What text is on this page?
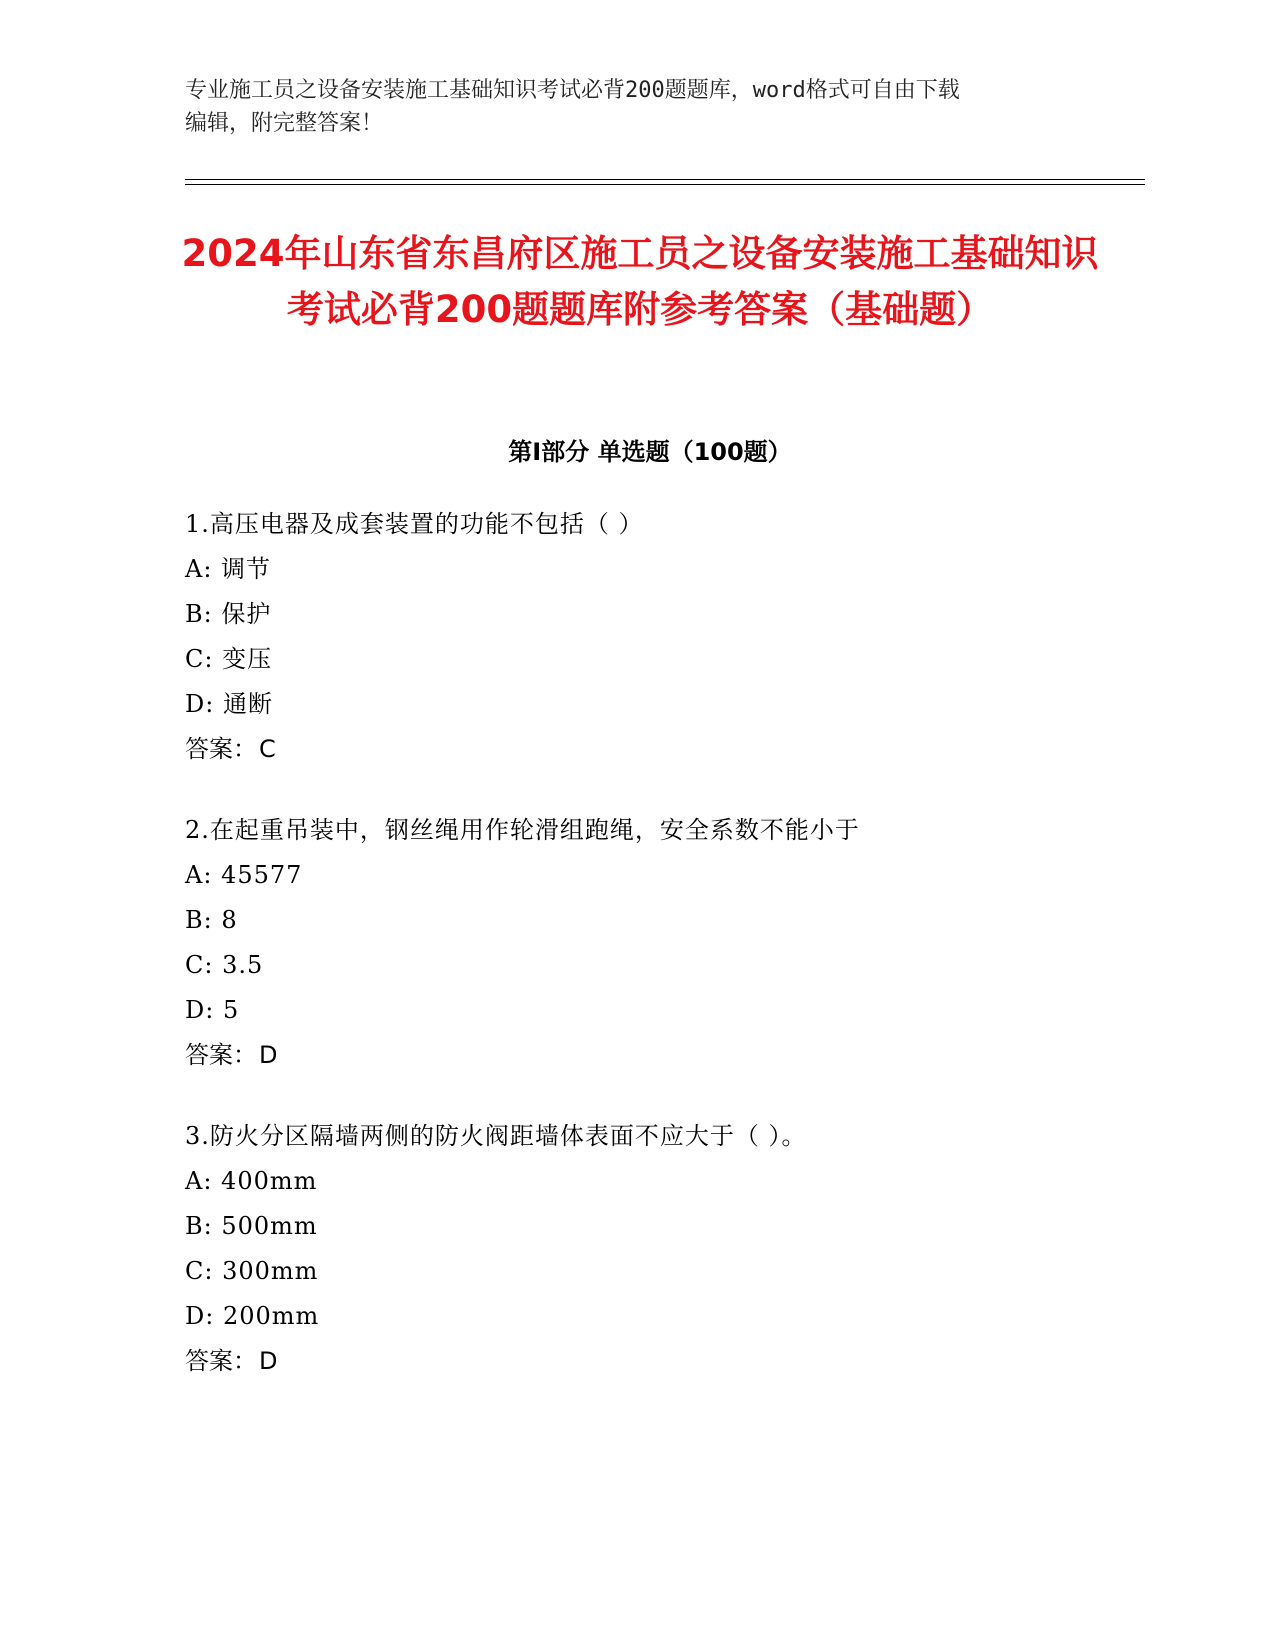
专业施工员之设备安装施工基础知识考试必背200题题库，word格式可自由下载
编辑，附完整答案！
2024年山东省东昌府区施工员之设备安装施工基础知识考试必背200题题库附参考答案（基础题）
第Ⅰ部分 单选题（100题）

1.高压电器及成套装置的功能不包括（ ）

A: 调节

B: 保护

C: 变压

D: 通断

答案：C

2.在起重吊装中，钢丝绳用作轮滑组跑绳，安全系数不能小于

A: 45577

B: 8

C: 3.5

D: 5

答案：D

3.防火分区隔墙两侧的防火阀距墙体表面不应大于（ ）。

A: 400mm

B: 500mm

C: 300mm

D: 200mm

答案：D
